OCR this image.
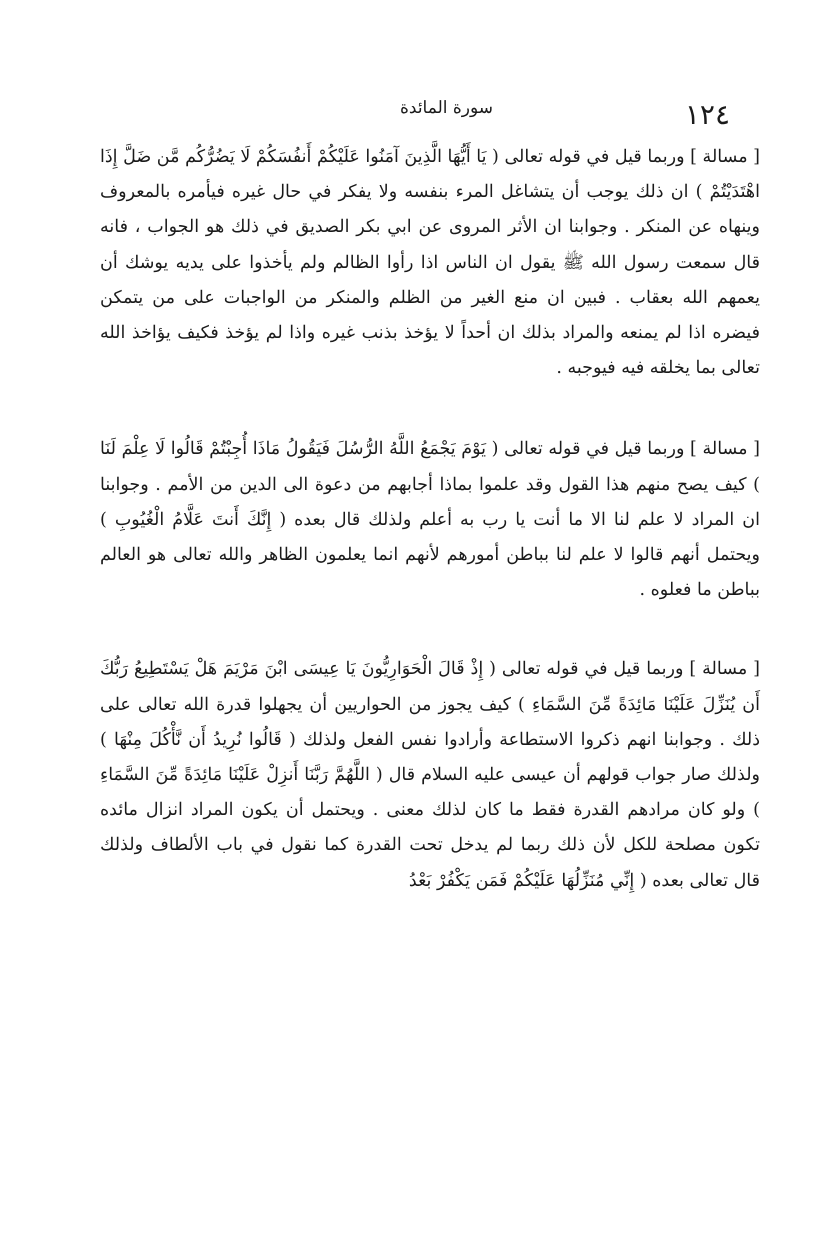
١٢٤
سورة المائدة

[ مسالة ] وربما قيل في قوله تعالى ( يَا أَيُّهَا الَّذِينَ آمَنُوا عَلَيْكُمْ أَنفُسَكُمْ لَا يَضُرُّكُم مَّن ضَلَّ إِذَا اهْتَدَيْتُمْ ) ان ذلك يوجب أن يتشاغل المرء بنفسه ولا يفكر في حال غيره فيأمره بالمعروف وينهاه عن المنكر . وجوابنا ان الأثر المروى عن ابي بكر الصديق في ذلك هو الجواب ، فانه قال سمعت رسول الله ﷺ يقول ان الناس اذا رأوا الظالم ولم يأخذوا على يديه يوشك أن يعمهم الله بعقاب . فبين ان منع الغير من الظلم والمنكر من الواجبات على من يتمكن فيضره اذا لم يمنعه والمراد بذلك ان أحداً لا يؤخذ بذنب غيره واذا لم يؤخذ فكيف يؤاخذ الله تعالى بما يخلقه فيه فيوجبه .

[ مسالة ] وربما قيل في قوله تعالى ( يَوْمَ يَجْمَعُ اللَّهُ الرُّسُلَ فَيَقُولُ مَاذَا أُجِبْتُمْ قَالُوا لَا عِلْمَ لَنَا ) كيف يصح منهم هذا القول وقد علموا بماذا أجابهم من دعوة الى الدين من الأمم . وجوابنا ان المراد لا علم لنا الا ما أنت يا رب به أعلم ولذلك قال بعده ( إِنَّكَ أَنتَ عَلَّامُ الْغُيُوبِ ) ويحتمل أنهم قالوا لا علم لنا بباطن أمورهم لأنهم انما يعلمون الظاهر والله تعالى هو العالم بباطن ما فعلوه .

[ مسالة ] وربما قيل في قوله تعالى ( إِذْ قَالَ الْحَوَارِيُّونَ يَا عِيسَى ابْنَ مَرْيَمَ هَلْ يَسْتَطِيعُ رَبُّكَ أَن يُنَزِّلَ عَلَيْنَا مَائِدَةً مِّنَ السَّمَاءِ ) كيف يجوز من الحواريين أن يجهلوا قدرة الله تعالى على ذلك . وجوابنا انهم ذكروا الاستطاعة وأرادوا نفس الفعل ولذلك ( قَالُوا نُرِيدُ أَن نَّأْكُلَ مِنْهَا ) ولذلك صار جواب قولهم أن عيسى عليه السلام قال ( اللَّهُمَّ رَبَّنَا أَنزِلْ عَلَيْنَا مَائِدَةً مِّنَ السَّمَاءِ ) ولو كان مرادهم القدرة فقط ما كان لذلك معنى . ويحتمل أن يكون المراد انزال مائده تكون مصلحة للكل لأن ذلك ربما لم يدخل تحت القدرة كما نقول في باب الألطاف ولذلك قال تعالى بعده ( إِنِّي مُنَزِّلُهَا عَلَيْكُمْ فَمَن يَكْفُرْ بَعْدُ
